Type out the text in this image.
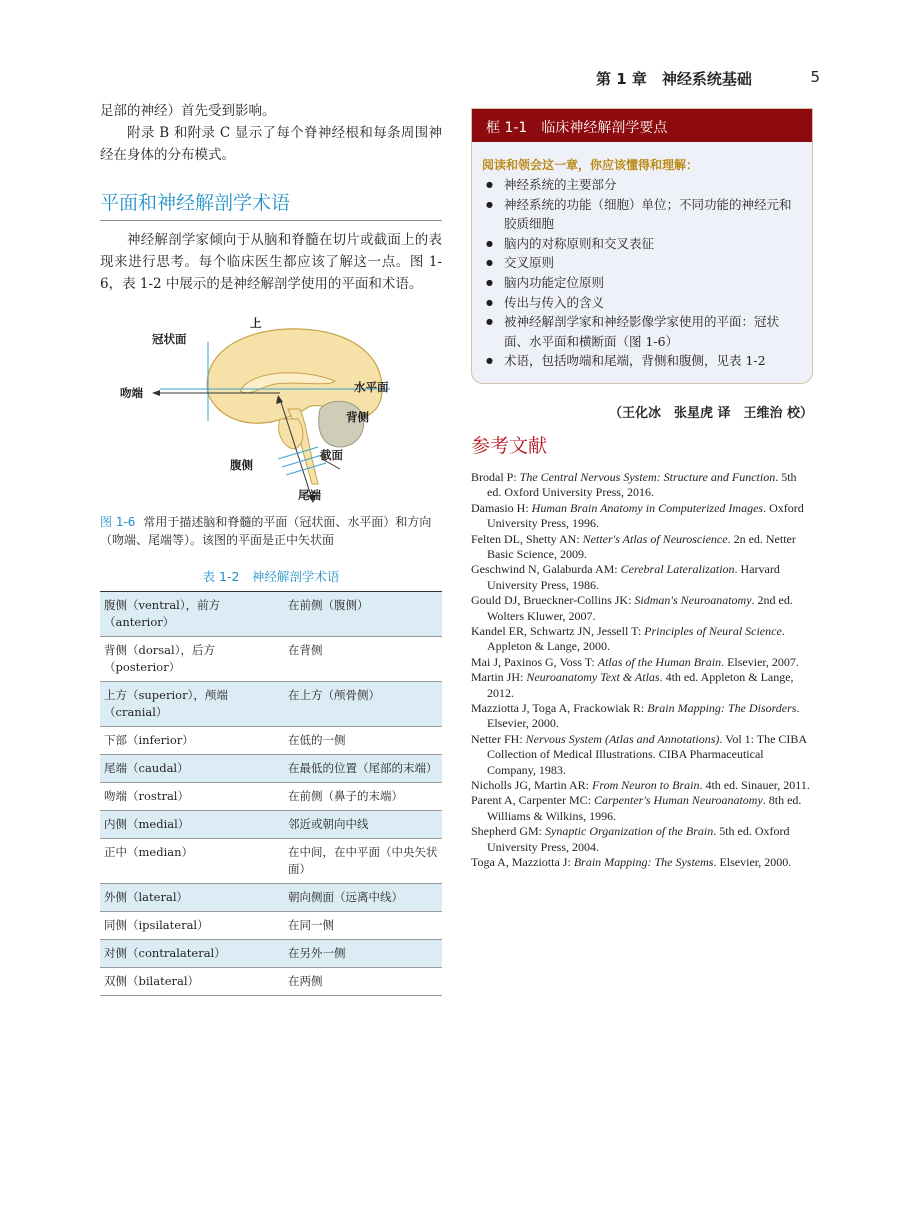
第 1 章　神经系统基础	5

足部的神经）首先受到影响。

附录 B 和附录 C 显示了每个脊神经根和每条周围神经在身体的分布模式。

平面和神经解剖学术语

神经解剖学家倾向于从脑和脊髓在切片或截面上的表现来进行思考。每个临床医生都应该了解这一点。图 1-6，表 1-2 中展示的是神经解剖学使用的平面和术语。

上
冠状面
吻端	水平面
背侧
截面
腹侧
尾端

图 1-6 常用于描述脑和脊髓的平面（冠状面、水平面）和方向（吻端、尾端等）。该图的平面是正中矢状面

表 1-2　神经解剖学术语
腹侧（ventral），前方（anterior）	在前侧（腹侧）
背侧（dorsal），后方（posterior）	在背侧
上方（superior），颅端（cranial）	在上方（颅骨侧）
下部（inferior）	在低的一侧
尾端（caudal）	在最低的位置（尾部的末端）
吻端（rostral）	在前侧（鼻子的末端）
内侧（medial）	邻近或朝向中线
正中（median）	在中间，在中平面（中央矢状面）
外侧（lateral）	朝向侧面（远离中线）
同侧（ipsilateral）	在同一侧
对侧（contralateral）	在另外一侧
双侧（bilateral）	在两侧
框 1-1　临床神经解剖学要点
阅读和领会这一章，你应该懂得和理解：
● 神经系统的主要部分
● 神经系统的功能（细胞）单位；不同功能的神经元和胶质细胞
● 脑内的对称原则和交叉表征
● 交叉原则
● 脑内功能定位原则
● 传出与传入的含义
● 被神经解剖学家和神经影像学家使用的平面：冠状面、水平面和横断面（图 1-6）
● 术语，包括吻端和尾端，背侧和腹侧，见表 1-2
（王化冰　张星虎 译　王维治 校）
参考文献

Brodal P: The Central Nervous System: Structure and Function. 5th ed. Oxford University Press, 2016.

Damasio H: Human Brain Anatomy in Computerized Images. Oxford University Press, 1996.

Felten DL, Shetty AN: Netter's Atlas of Neuroscience. 2n ed. Netter Basic Science, 2009.

Geschwind N, Galaburda AM: Cerebral Lateralization. Harvard University Press, 1986.

Gould DJ, Brueckner-Collins JK: Sidman's Neuroanatomy. 2nd ed. Wolters Kluwer, 2007.

Kandel ER, Schwartz JN, Jessell T: Principles of Neural Science. Appleton & Lange, 2000.

Mai J, Paxinos G, Voss T: Atlas of the Human Brain. Elsevier, 2007.

Martin JH: Neuroanatomy Text & Atlas. 4th ed. Appleton & Lange, 2012.

Mazziotta J, Toga A, Frackowiak R: Brain Mapping: The Disorders. Elsevier, 2000.

Netter FH: Nervous System (Atlas and Annotations). Vol 1: The CIBA Collection of Medical Illustrations. CIBA Pharmaceutical Company, 1983.

Nicholls JG, Martin AR: From Neuron to Brain. 4th ed. Sinauer, 2011.

Parent A, Carpenter MC: Carpenter's Human Neuroanatomy. 8th ed. Williams & Wilkins, 1996.

Shepherd GM: Synaptic Organization of the Brain. 5th ed. Oxford University Press, 2004.

Toga A, Mazziotta J: Brain Mapping: The Systems. Elsevier, 2000.
